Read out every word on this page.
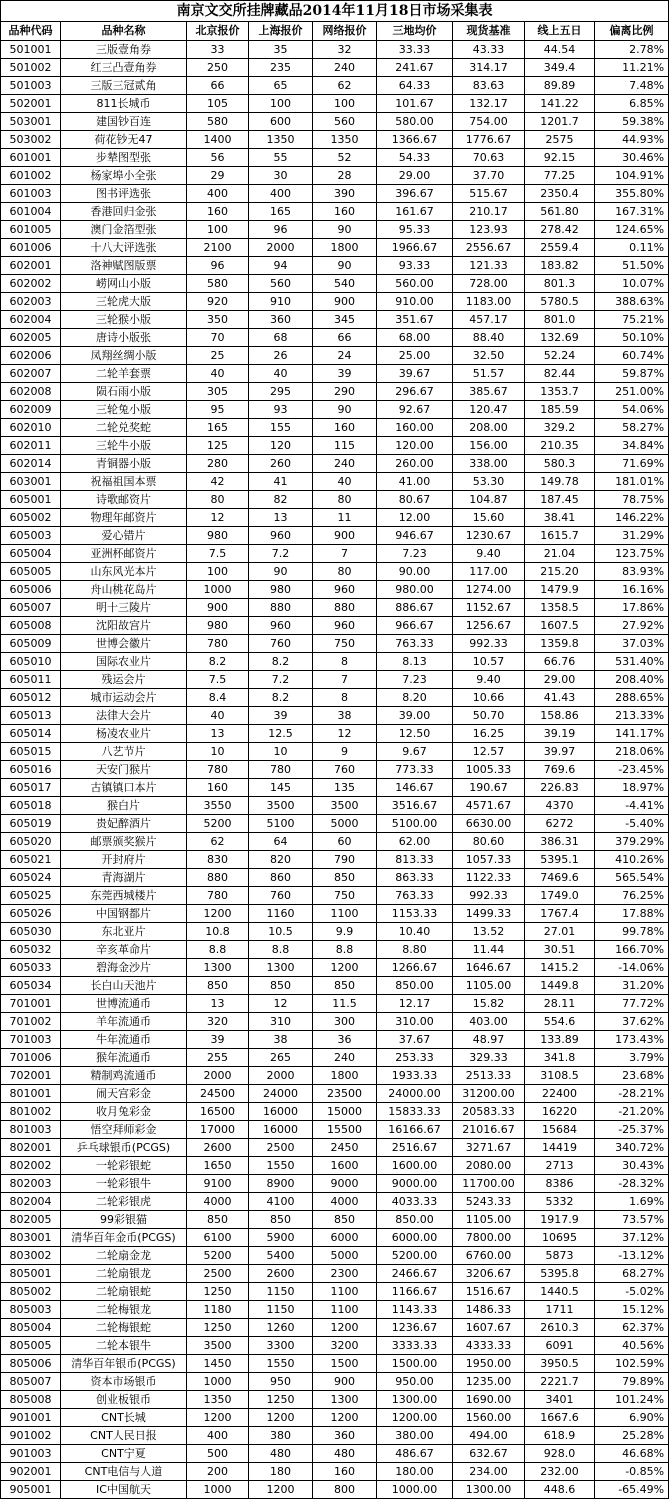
南京文交所挂牌藏品2014年11月18日市场采集表								
品种代码	品种名称	北京报价	上海报价	网络报价	三地均价	现货基准	线上五日	偏离比例
501001	三版壹角券	33	35	32	33.33	43.33	44.54	2.78%
501002	红三凸壹角券	250	235	240	241.67	314.17	349.4	11.21%
501003	三版三冠贰角	66	65	62	64.33	83.63	89.89	7.48%
502001	811长城币	105	100	100	101.67	132.17	141.22	6.85%
503001	建国钞百连	580	600	560	580.00	754.00	1201.7	59.38%
503002	荷花钞无47	1400	1350	1350	1366.67	1776.67	2575	44.93%
601001	步辇图型张	56	55	52	54.33	70.63	92.15	30.46%
601002	杨家埠小全张	29	30	28	29.00	37.70	77.25	104.91%
601003	图书评选张	400	400	390	396.67	515.67	2350.4	355.80%
601004	香港回归金张	160	165	160	161.67	210.17	561.80	167.31%
601005	澳门金箔型张	100	96	90	95.33	123.93	278.42	124.65%
601006	十八大评选张	2100	2000	1800	1966.67	2556.67	2559.4	0.11%
602001	洛神赋图版票	96	94	90	93.33	121.33	183.82	51.50%
602002	崂网山小版	580	560	540	560.00	728.00	801.3	10.07%
602003	三轮虎大版	920	910	900	910.00	1183.00	5780.5	388.63%
602004	三轮猴小版	350	360	345	351.67	457.17	801.0	75.21%
602005	唐诗小版张	70	68	66	68.00	88.40	132.69	50.10%
602006	凤翔丝绸小版	25	26	24	25.00	32.50	52.24	60.74%
602007	二轮羊套票	40	40	39	39.67	51.57	82.44	59.87%
602008	陨石雨小版	305	295	290	296.67	385.67	1353.7	251.00%
602009	三轮兔小版	95	93	90	92.67	120.47	185.59	54.06%
602010	二轮兑奖蛇	165	155	160	160.00	208.00	329.2	58.27%
602011	三轮牛小版	125	120	115	120.00	156.00	210.35	34.84%
602014	青铜器小版	280	260	240	260.00	338.00	580.3	71.69%
603001	祝福祖国本票	42	41	40	41.00	53.30	149.78	181.01%
605001	诗歌邮资片	80	82	80	80.67	104.87	187.45	78.75%
605002	物理年邮资片	12	13	11	12.00	15.60	38.41	146.22%
605003	爱心错片	980	960	900	946.67	1230.67	1615.7	31.29%
605004	亚洲杯邮资片	7.5	7.2	7	7.23	9.40	21.04	123.75%
605005	山东风光本片	100	90	80	90.00	117.00	215.20	83.93%
605006	舟山桃花岛片	1000	980	960	980.00	1274.00	1479.9	16.16%
605007	明十三陵片	900	880	880	886.67	1152.67	1358.5	17.86%
605008	沈阳故宫片	980	960	960	966.67	1256.67	1607.5	27.92%
605009	世博会徽片	780	760	750	763.33	992.33	1359.8	37.03%
605010	国际农业片	8.2	8.2	8	8.13	10.57	66.76	531.40%
605011	残运会片	7.5	7.2	7	7.23	9.40	29.00	208.40%
605012	城市运动会片	8.4	8.2	8	8.20	10.66	41.43	288.65%
605013	法律大会片	40	39	38	39.00	50.70	158.86	213.33%
605014	杨凌农业片	13	12.5	12	12.50	16.25	39.19	141.17%
605015	八艺节片	10	10	9	9.67	12.57	39.97	218.06%
605016	天安门猴片	780	780	760	773.33	1005.33	769.6	-23.45%
605017	古镇镇口本片	160	145	135	146.67	190.67	226.83	18.97%
605018	猴白片	3550	3500	3500	3516.67	4571.67	4370	-4.41%
605019	贵妃醉酒片	5200	5100	5000	5100.00	6630.00	6272	-5.40%
605020	邮票颁奖猴片	62	64	60	62.00	80.60	386.31	379.29%
605021	开封府片	830	820	790	813.33	1057.33	5395.1	410.26%
605024	青海湖片	880	860	850	863.33	1122.33	7469.6	565.54%
605025	东莞西城楼片	780	760	750	763.33	992.33	1749.0	76.25%
605026	中国钢都片	1200	1160	1100	1153.33	1499.33	1767.4	17.88%
605030	东北亚片	10.8	10.5	9.9	10.40	13.52	27.01	99.78%
605032	辛亥革命片	8.8	8.8	8.8	8.80	11.44	30.51	166.70%
605033	碧海金沙片	1300	1300	1200	1266.67	1646.67	1415.2	-14.06%
605034	长白山天池片	850	850	850	850.00	1105.00	1449.8	31.20%
701001	世博流通币	13	12	11.5	12.17	15.82	28.11	77.72%
701002	羊年流通币	320	310	300	310.00	403.00	554.6	37.62%
701003	牛年流通币	39	38	36	37.67	48.97	133.89	173.43%
701006	猴年流通币	255	265	240	253.33	329.33	341.8	3.79%
702001	精制鸡流通币	2000	2000	1800	1933.33	2513.33	3108.5	23.68%
801001	闹天宫彩金	24500	24000	23500	24000.00	31200.00	22400	-28.21%
801002	收月兔彩金	16500	16000	15000	15833.33	20583.33	16220	-21.20%
801003	悟空拜师彩金	17000	16000	15500	16166.67	21016.67	15684	-25.37%
802001	乒乓球银币(PCGS)	2600	2500	2450	2516.67	3271.67	14419	340.72%
802002	一轮彩银蛇	1650	1550	1600	1600.00	2080.00	2713	30.43%
802003	一轮彩银牛	9100	8900	9000	9000.00	11700.00	8386	-28.32%
802004	二轮彩银虎	4000	4100	4000	4033.33	5243.33	5332	1.69%
802005	99彩银猫	850	850	850	850.00	1105.00	1917.9	73.57%
803001	清华百年金币(PCGS)	6100	5900	6000	6000.00	7800.00	10695	37.12%
803002	二轮扇金龙	5200	5400	5000	5200.00	6760.00	5873	-13.12%
805001	二轮扇银龙	2500	2600	2300	2466.67	3206.67	5395.8	68.27%
805002	二轮扇银蛇	1250	1150	1100	1166.67	1516.67	1440.5	-5.02%
805003	二轮梅银龙	1180	1150	1100	1143.33	1486.33	1711	15.12%
805004	二轮梅银蛇	1250	1260	1200	1236.67	1607.67	2610.3	62.37%
805005	二轮本银牛	3500	3300	3200	3333.33	4333.33	6091	40.56%
805006	清华百年银币(PCGS)	1450	1550	1500	1500.00	1950.00	3950.5	102.59%
805007	资本市场银币	1000	950	900	950.00	1235.00	2221.7	79.89%
805008	创业板银币	1350	1250	1300	1300.00	1690.00	3401	101.24%
901001	CNT长城	1200	1200	1200	1200.00	1560.00	1667.6	6.90%
901002	CNT人民日报	400	380	360	380.00	494.00	618.9	25.28%
901003	CNT宁夏	500	480	480	486.67	632.67	928.0	46.68%
902001	CNT电信与人道	200	180	160	180.00	234.00	232.00	-0.85%
905001	IC中国航天	1000	1200	800	1000.00	1300.00	448.6	-65.49%
